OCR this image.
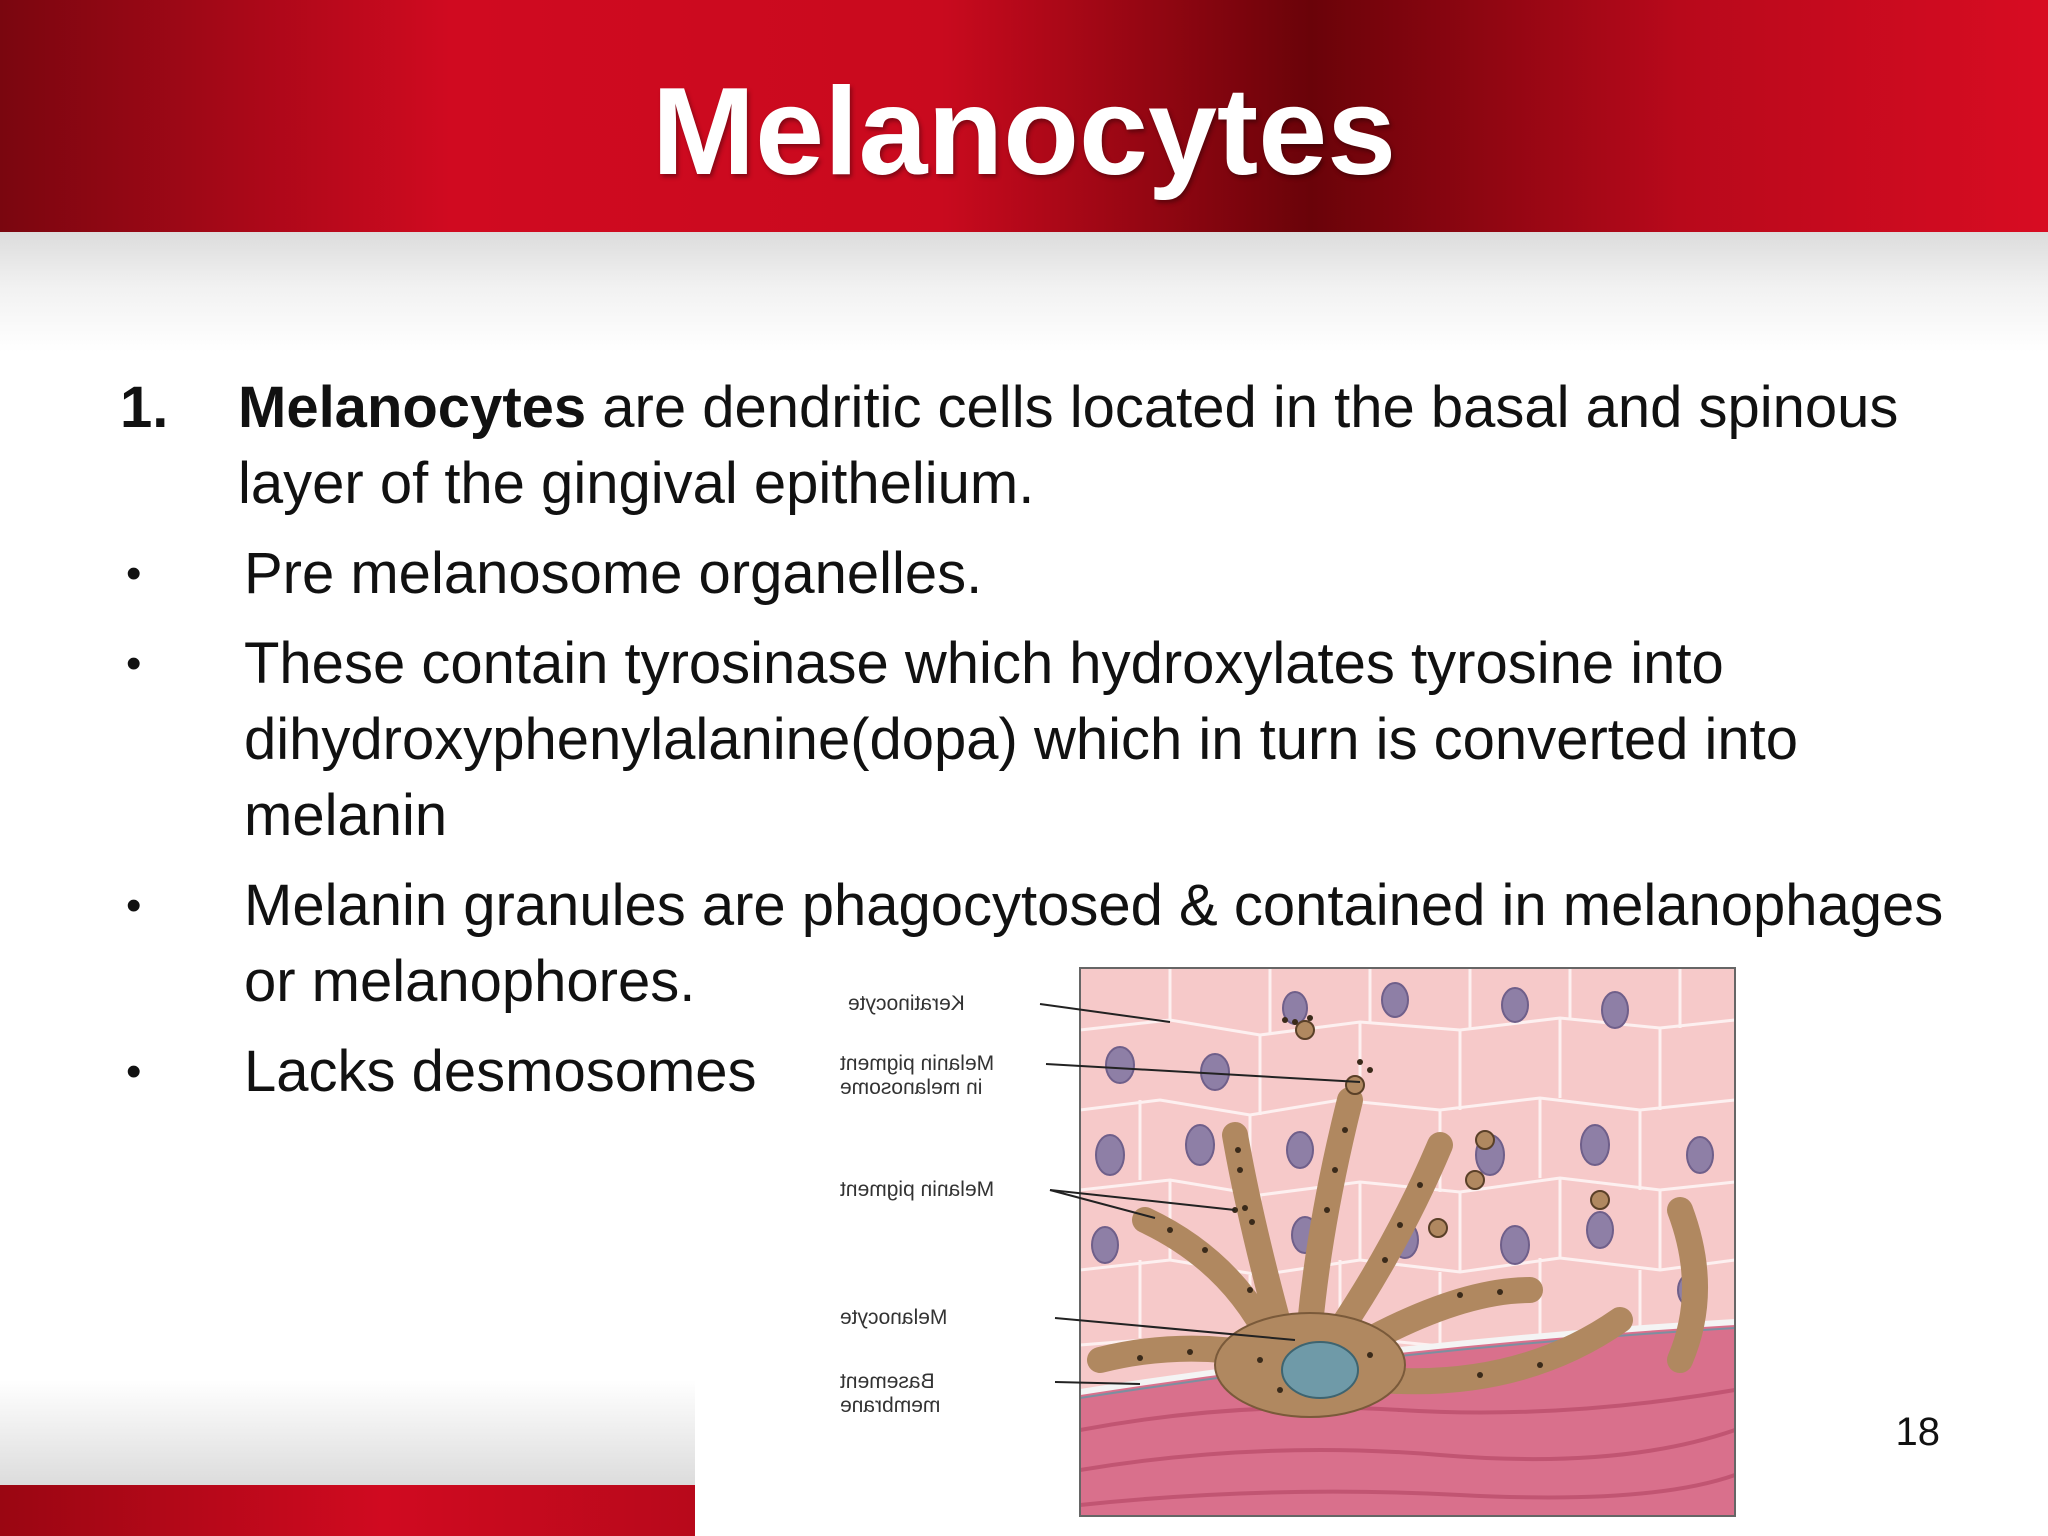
Melanocytes
1.	Melanocytes are dendritic cells located in the basal and spinous layer of the gingival epithelium.
•	Pre melanosome organelles.
•	These contain tyrosinase which hydroxylates tyrosine into dihydroxyphenylalanine(dopa) which in turn is converted into melanin
•	Melanin granules are phagocytosed & contained in melanophages or melanophores.
•	Lacks desmosomes
Keratinocyte
Melanin pigment
in melanosome
Melanin pigment
Melanocyte
Basement
membrane
18
